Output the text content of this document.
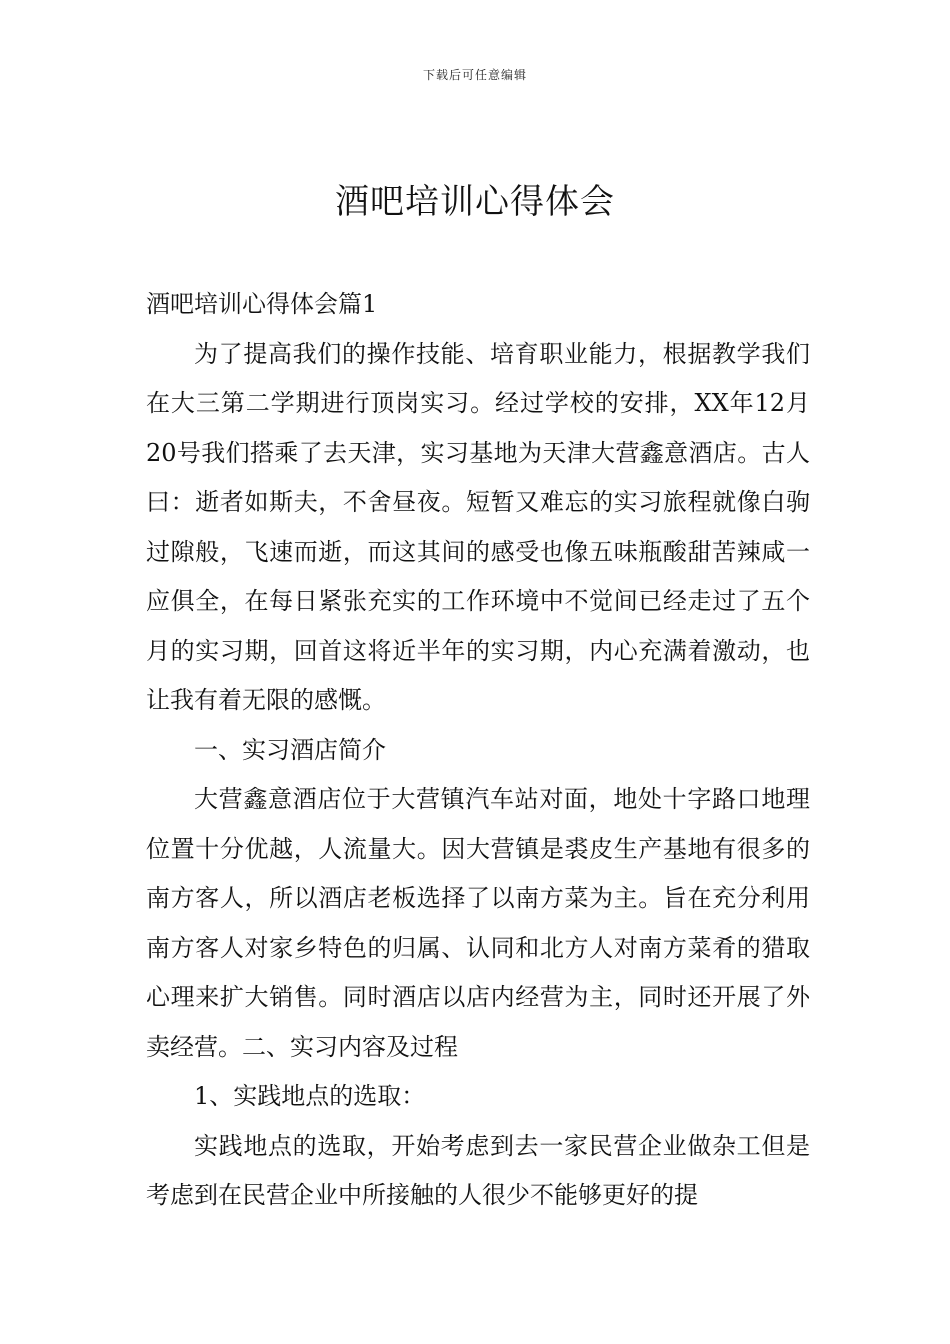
下载后可任意编辑
酒吧培训心得体会

酒吧培训心得体会篇1

为了提高我们的操作技能、培育职业能力，根据教学我们在大三第二学期进行顶岗实习。经过学校的安排，XX年12月20号我们搭乘了去天津，实习基地为天津大营鑫意酒店。古人曰：逝者如斯夫，不舍昼夜。短暂又难忘的实习旅程就像白驹过隙般，飞速而逝，而这其间的感受也像五味瓶酸甜苦辣咸一应俱全，在每日紧张充实的工作环境中不觉间已经走过了五个月的实习期，回首这将近半年的实习期，内心充满着激动，也让我有着无限的感慨。

一、实习酒店简介

大营鑫意酒店位于大营镇汽车站对面，地处十字路口地理位置十分优越，人流量大。因大营镇是裘皮生产基地有很多的南方客人，所以酒店老板选择了以南方菜为主。旨在充分利用南方客人对家乡特色的归属、认同和北方人对南方菜肴的猎取心理来扩大销售。同时酒店以店内经营为主，同时还开展了外卖经营。二、实习内容及过程

1、实践地点的选取：

实践地点的选取，开始考虑到去一家民营企业做杂工但是考虑到在民营企业中所接触的人很少不能够更好的提
